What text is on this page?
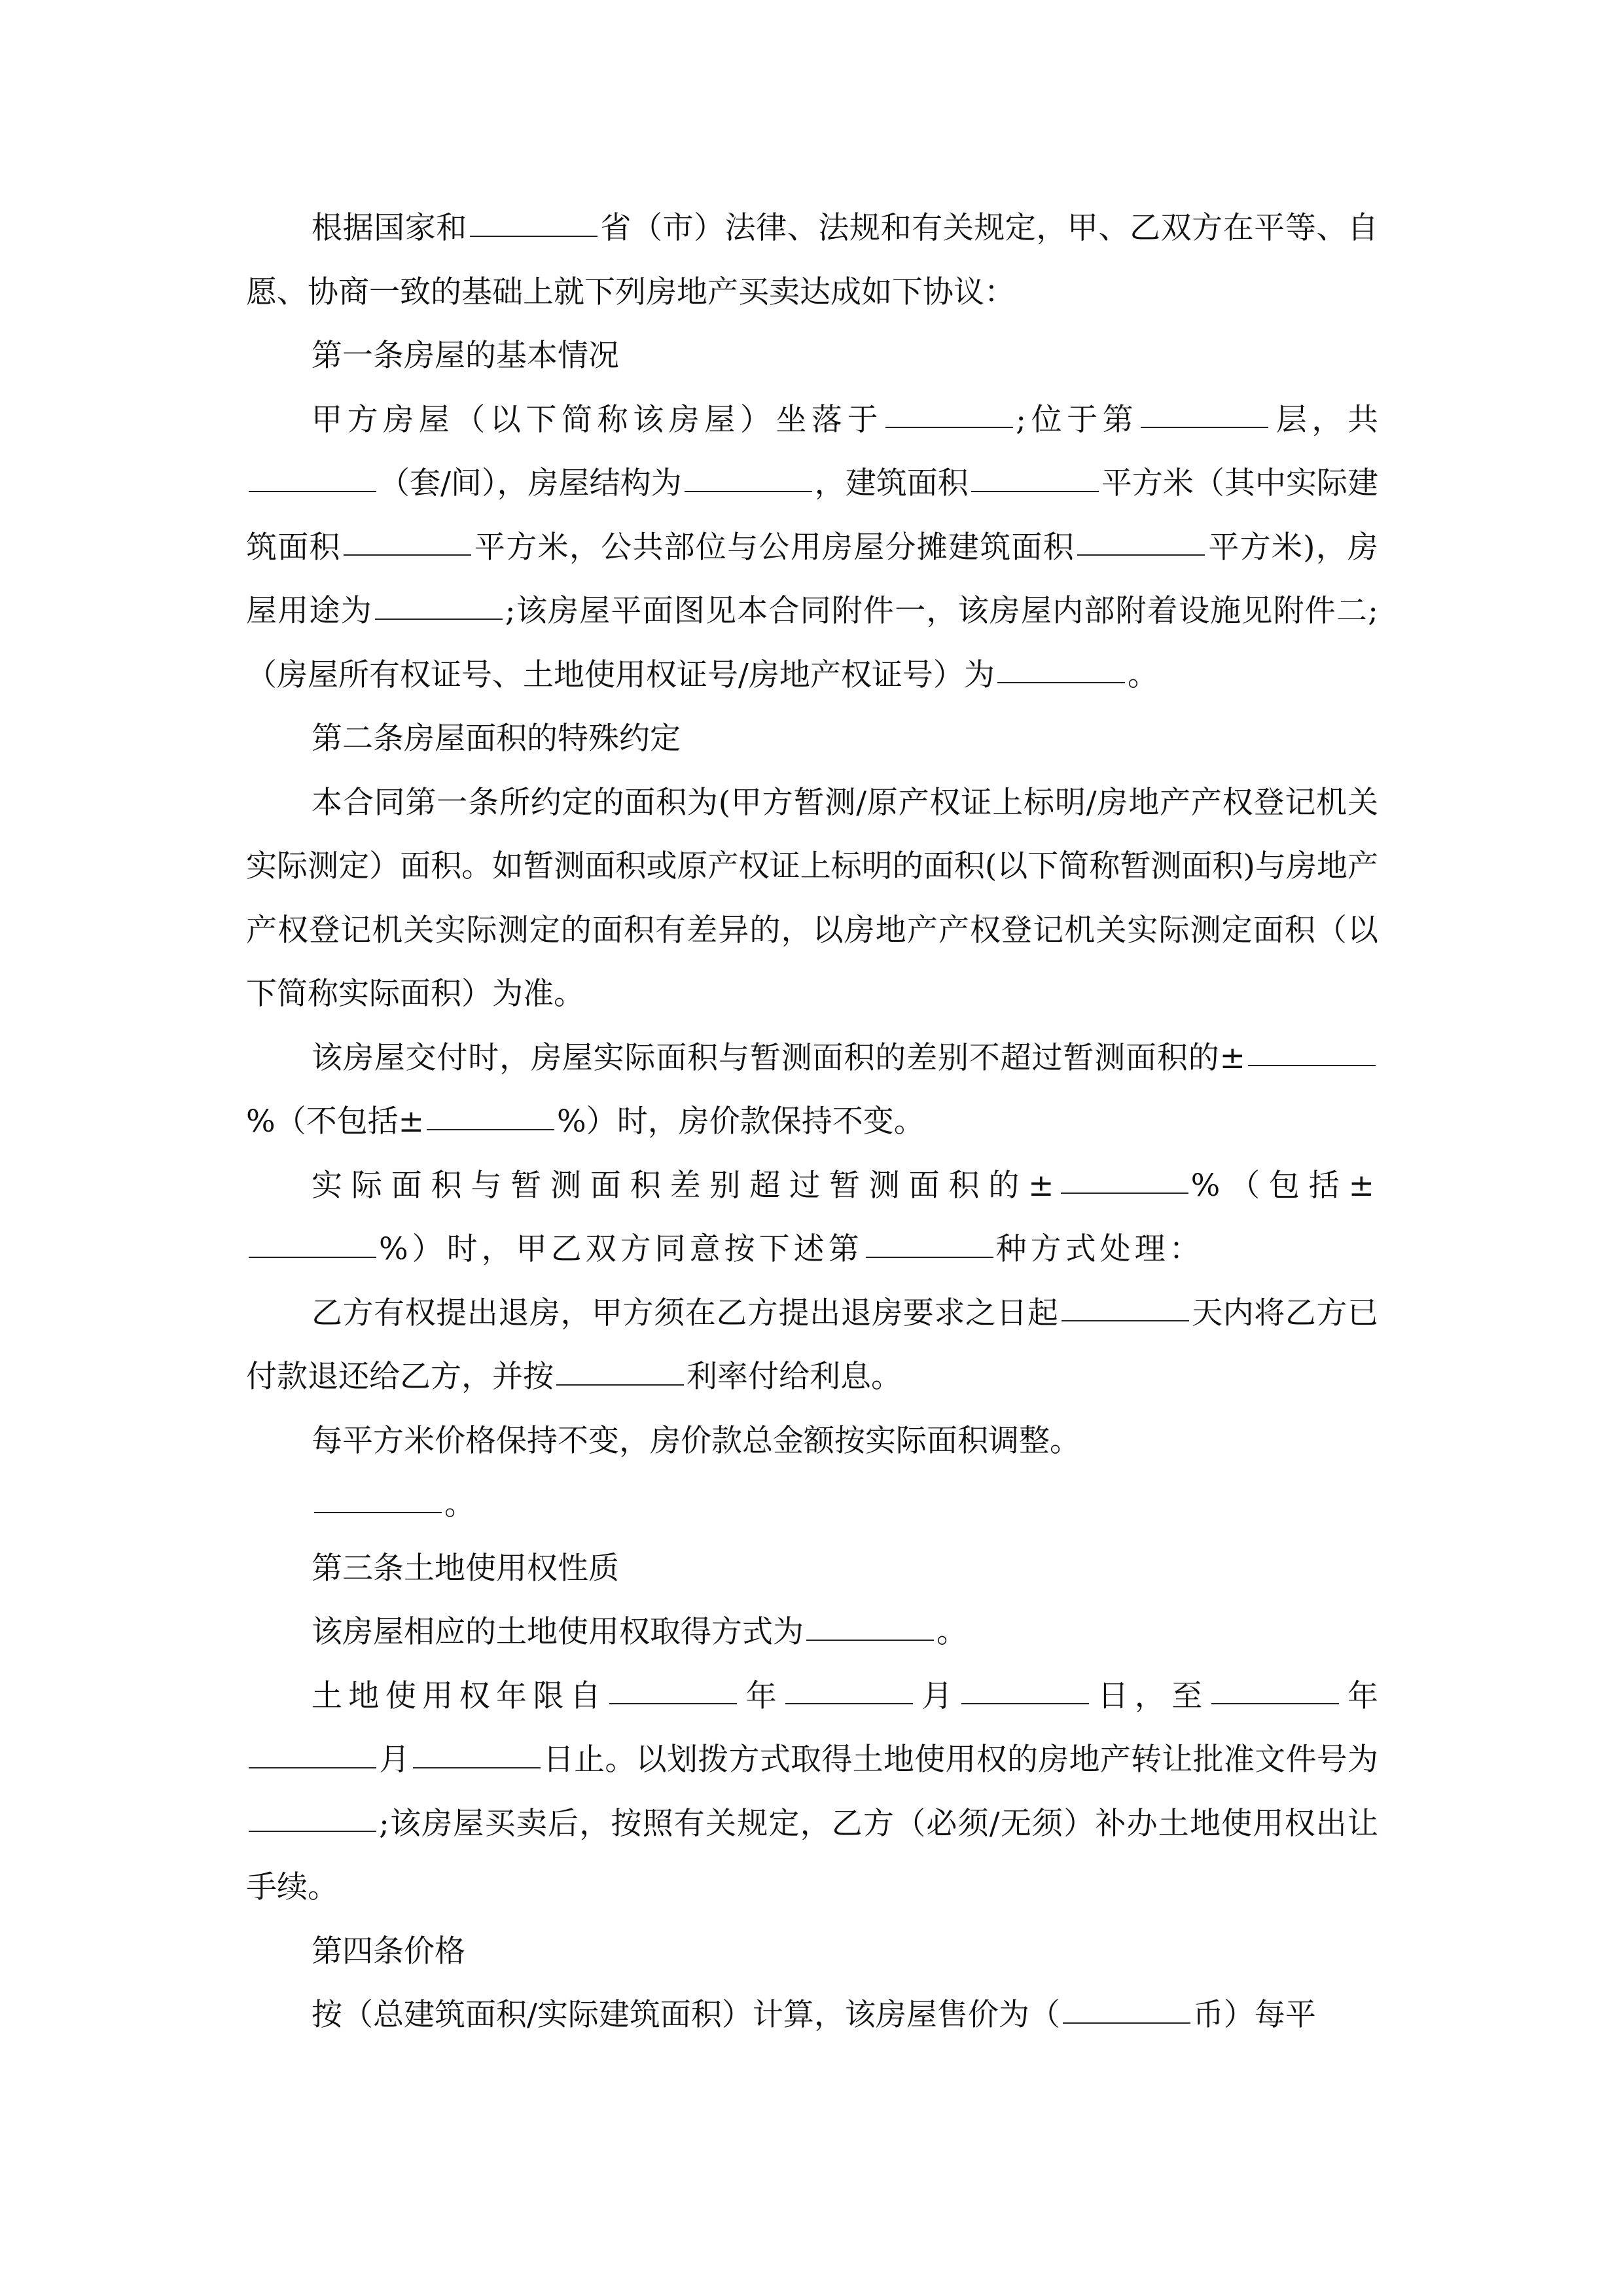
根据国家和	省（市）法律、法规和有关规定，甲、乙双方在平等、自愿、协商一致的基础上就下列房地产买卖达成如下协议：

第一条房屋的基本情况

甲方房屋（以下简称该房屋）坐落于	;位于第	层，共（套/间），房屋结构为	，建筑面积	平方米（其中实际建筑面积	平方米，公共部位与公用房屋分摊建筑面积	平方米)，房屋用途为	;该房屋平面图见本合同附件一，该房屋内部附着设施见附件二;（房屋所有权证号、土地使用权证号/房地产权证号）为	。

第二条房屋面积的特殊约定

本合同第一条所约定的面积为(甲方暂测/原产权证上标明/房地产产权登记机关实际测定）面积。如暂测面积或原产权证上标明的面积(以下简称暂测面积)与房地产产权登记机关实际测定的面积有差异的，以房地产产权登记机关实际测定面积（以下简称实际面积）为准。

该房屋交付时，房屋实际面积与暂测面积的差别不超过暂测面积的±%（不包括±	%）时，房价款保持不变。

实际面积与暂测面积差别超过暂测面积的±	%（包括±%）时，甲乙双方同意按下述第	种方式处理：

乙方有权提出退房，甲方须在乙方提出退房要求之日起	天内将乙方已付款退还给乙方，并按	利率付给利息。

每平方米价格保持不变，房价款总金额按实际面积调整。

。

第三条土地使用权性质

该房屋相应的土地使用权取得方式为	。

土地使用权年限自	年	月	日，至	年月	日止。以划拨方式取得土地使用权的房地产转让批准文件号为;该房屋买卖后，按照有关规定，乙方（必须/无须）补办土地使用权出让手续。

第四条价格

按（总建筑面积/实际建筑面积）计算，该房屋售价为（	币）每平
